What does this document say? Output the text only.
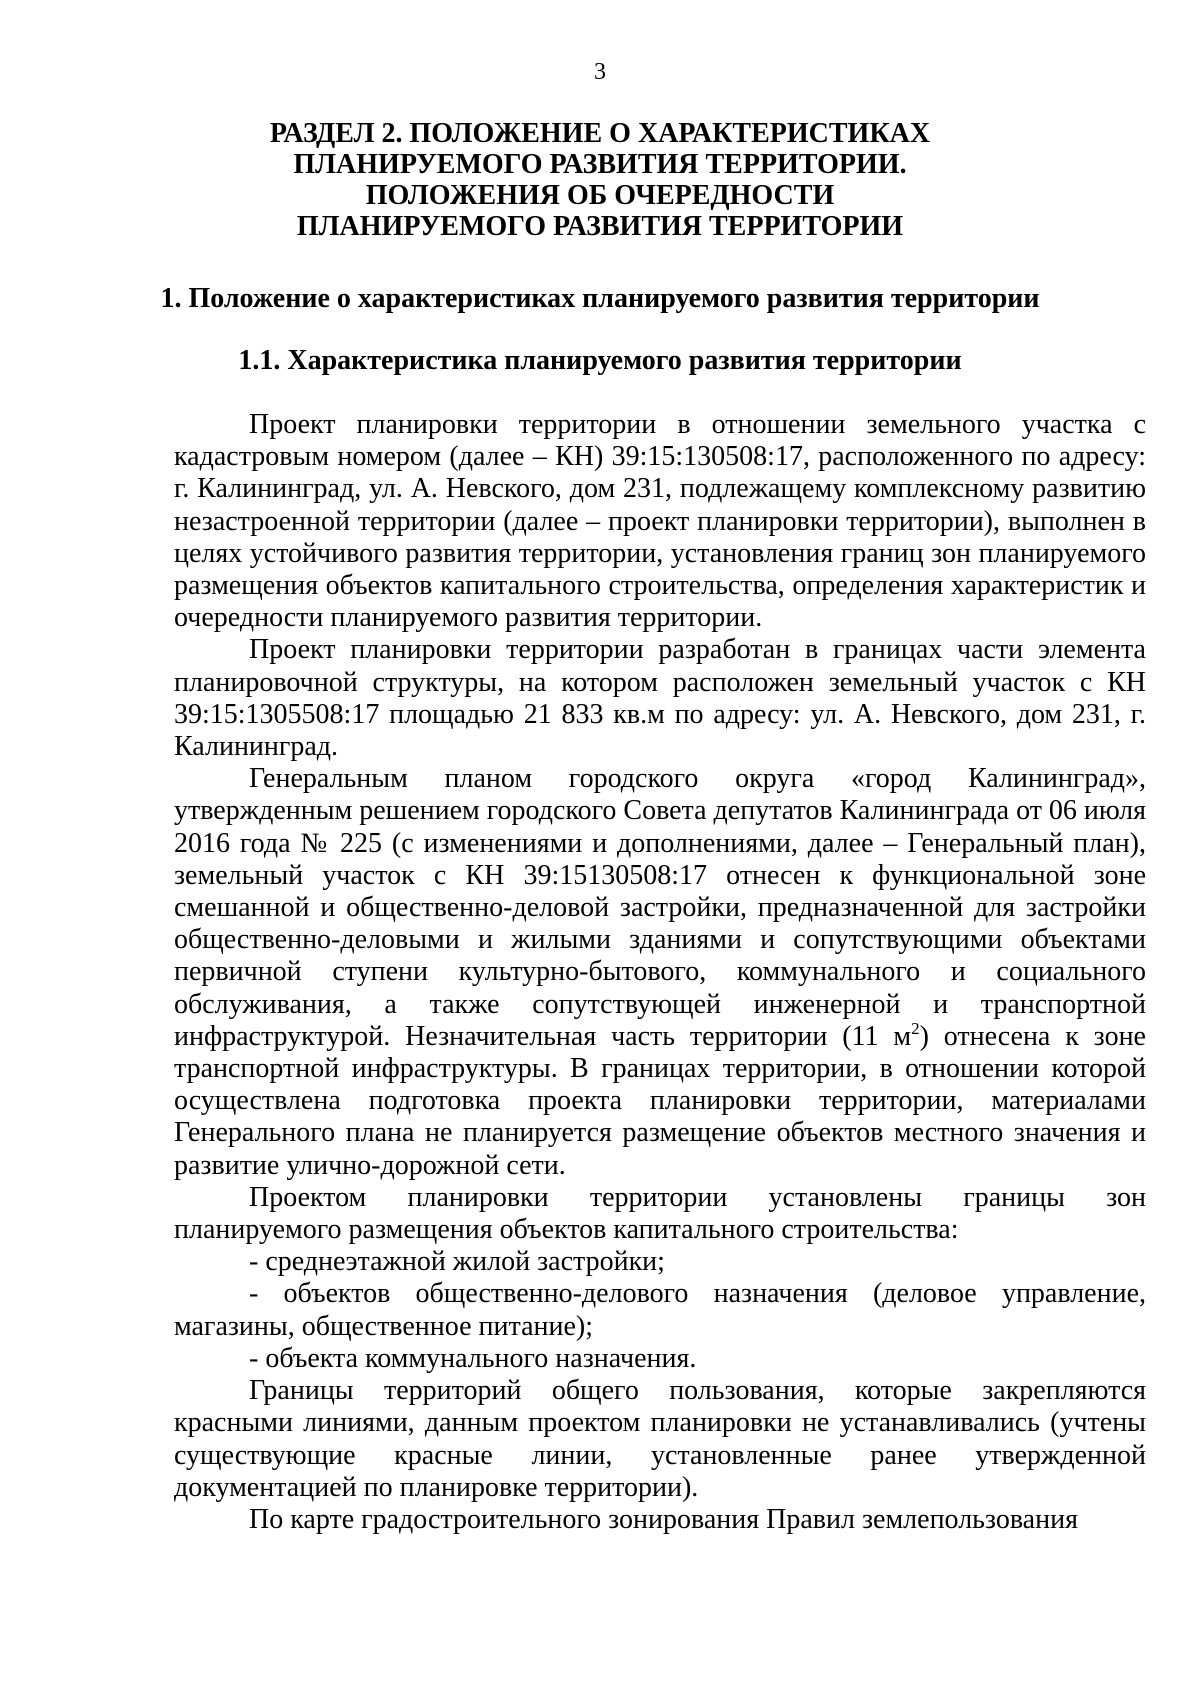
3
РАЗДЕЛ 2. ПОЛОЖЕНИЕ О ХАРАКТЕРИСТИКАХ
ПЛАНИРУЕМОГО РАЗВИТИЯ ТЕРРИТОРИИ.
ПОЛОЖЕНИЯ ОБ ОЧЕРЕДНОСТИ
ПЛАНИРУЕМОГО РАЗВИТИЯ ТЕРРИТОРИИ
1. Положение о характеристиках планируемого развития территории
1.1. Характеристика планируемого развития территории

Проект планировки территории в отношении земельного участка с кадастровым номером (далее – КН) 39:15:130508:17, расположенного по адресу: г. Калининград, ул. А. Невского, дом 231, подлежащему комплексному развитию незастроенной территории (далее – проект планировки территории), выполнен в целях устойчивого развития территории, установления границ зон планируемого размещения объектов капитального строительства, определения характеристик и очередности планируемого развития территории.

Проект планировки территории разработан в границах части элемента планировочной структуры, на котором расположен земельный участок с КН 39:15:1305508:17 площадью 21 833 кв.м по адресу: ул. А. Невского, дом 231, г. Калининград.

Генеральным планом городского округа «город Калининград», утвержденным решением городского Совета депутатов Калининграда от 06 июля 2016 года № 225 (с изменениями и дополнениями, далее – Генеральный план), земельный участок с КН 39:15130508:17 отнесен к функциональной зоне смешанной и общественно-деловой застройки, предназначенной для застройки общественно-деловыми и жилыми зданиями и сопутствующими объектами первичной ступени культурно-бытового, коммунального и социального обслуживания, а также сопутствующей инженерной и транспортной инфраструктурой. Незначительная часть территории (11 $м^2$) отнесена к зоне транспортной инфраструктуры. В границах территории, в отношении которой осуществлена подготовка проекта планировки территории, материалами Генерального плана не планируется размещение объектов местного значения и развитие улично-дорожной сети.

Проектом планировки территории установлены границы зон планируемого размещения объектов капитального строительства:

- среднеэтажной жилой застройки;

- объектов общественно-делового назначения (деловое управление, магазины, общественное питание);

- объекта коммунального назначения.

Границы территорий общего пользования, которые закрепляются красными линиями, данным проектом планировки не устанавливались (учтены существующие красные линии, установленные ранее утвержденной документацией по планировке территории).

По карте градостроительного зонирования Правил землепользования
